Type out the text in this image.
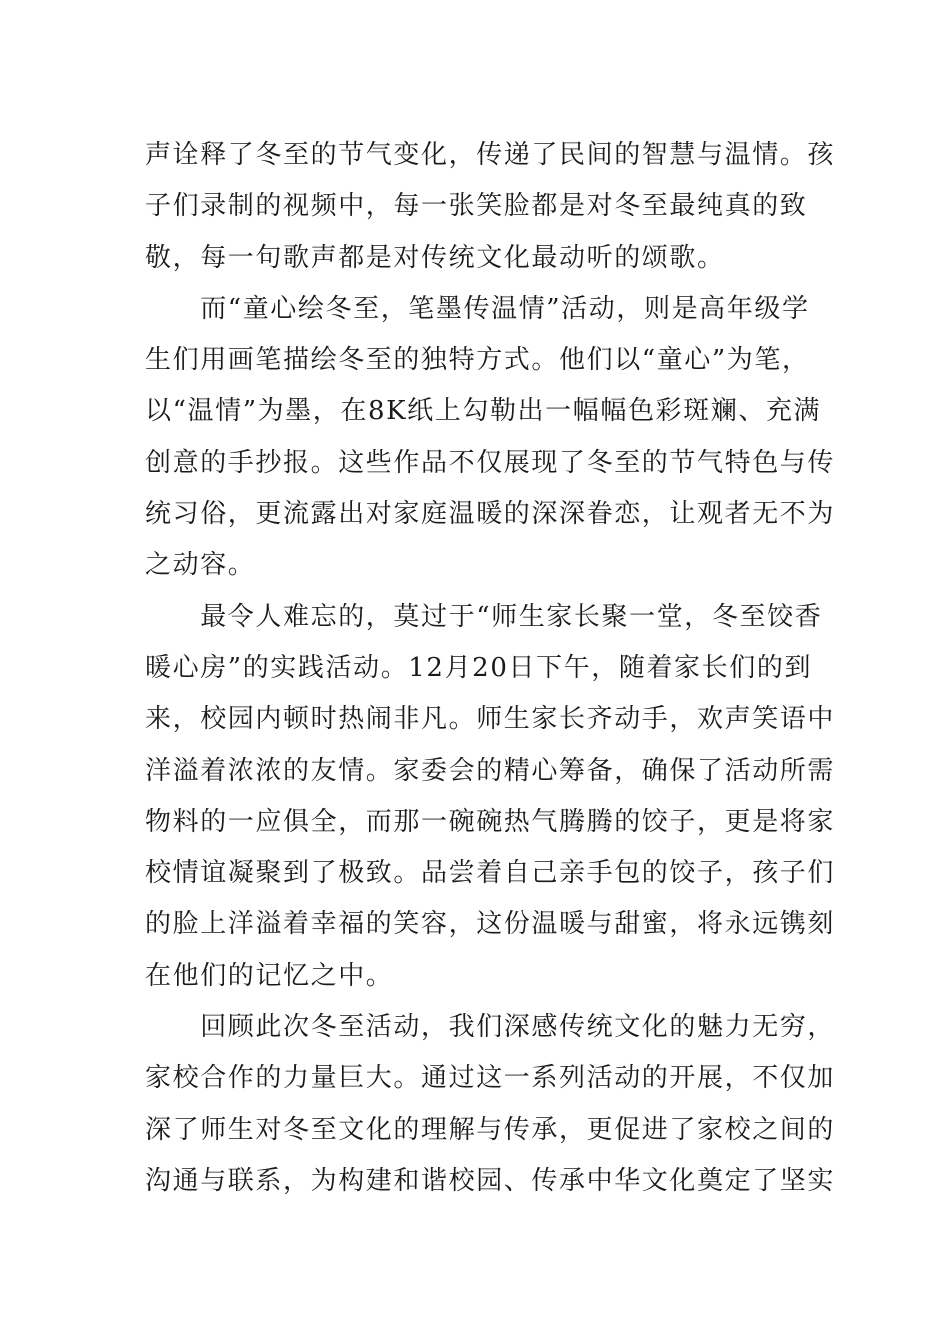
声诠释了冬至的节气变化，传递了民间的智慧与温情。孩
子们录制的视频中，每一张笑脸都是对冬至最纯真的致
敬，每一句歌声都是对传统文化最动听的颂歌。
　　而“童心绘冬至，笔墨传温情”活动，则是高年级学
生们用画笔描绘冬至的独特方式。他们以“童心”为笔，
以“温情”为墨，在8K纸上勾勒出一幅幅色彩斑斓、充满
创意的手抄报。这些作品不仅展现了冬至的节气特色与传
统习俗，更流露出对家庭温暖的深深眷恋，让观者无不为
之动容。
　　最令人难忘的，莫过于“师生家长聚一堂，冬至饺香
暖心房”的实践活动。12月20日下午，随着家长们的到
来，校园内顿时热闹非凡。师生家长齐动手，欢声笑语中
洋溢着浓浓的友情。家委会的精心筹备，确保了活动所需
物料的一应俱全，而那一碗碗热气腾腾的饺子，更是将家
校情谊凝聚到了极致。品尝着自己亲手包的饺子，孩子们
的脸上洋溢着幸福的笑容，这份温暖与甜蜜，将永远镌刻
在他们的记忆之中。
　　回顾此次冬至活动，我们深感传统文化的魅力无穷，
家校合作的力量巨大。通过这一系列活动的开展，不仅加
深了师生对冬至文化的理解与传承，更促进了家校之间的
沟通与联系，为构建和谐校园、传承中华文化奠定了坚实
